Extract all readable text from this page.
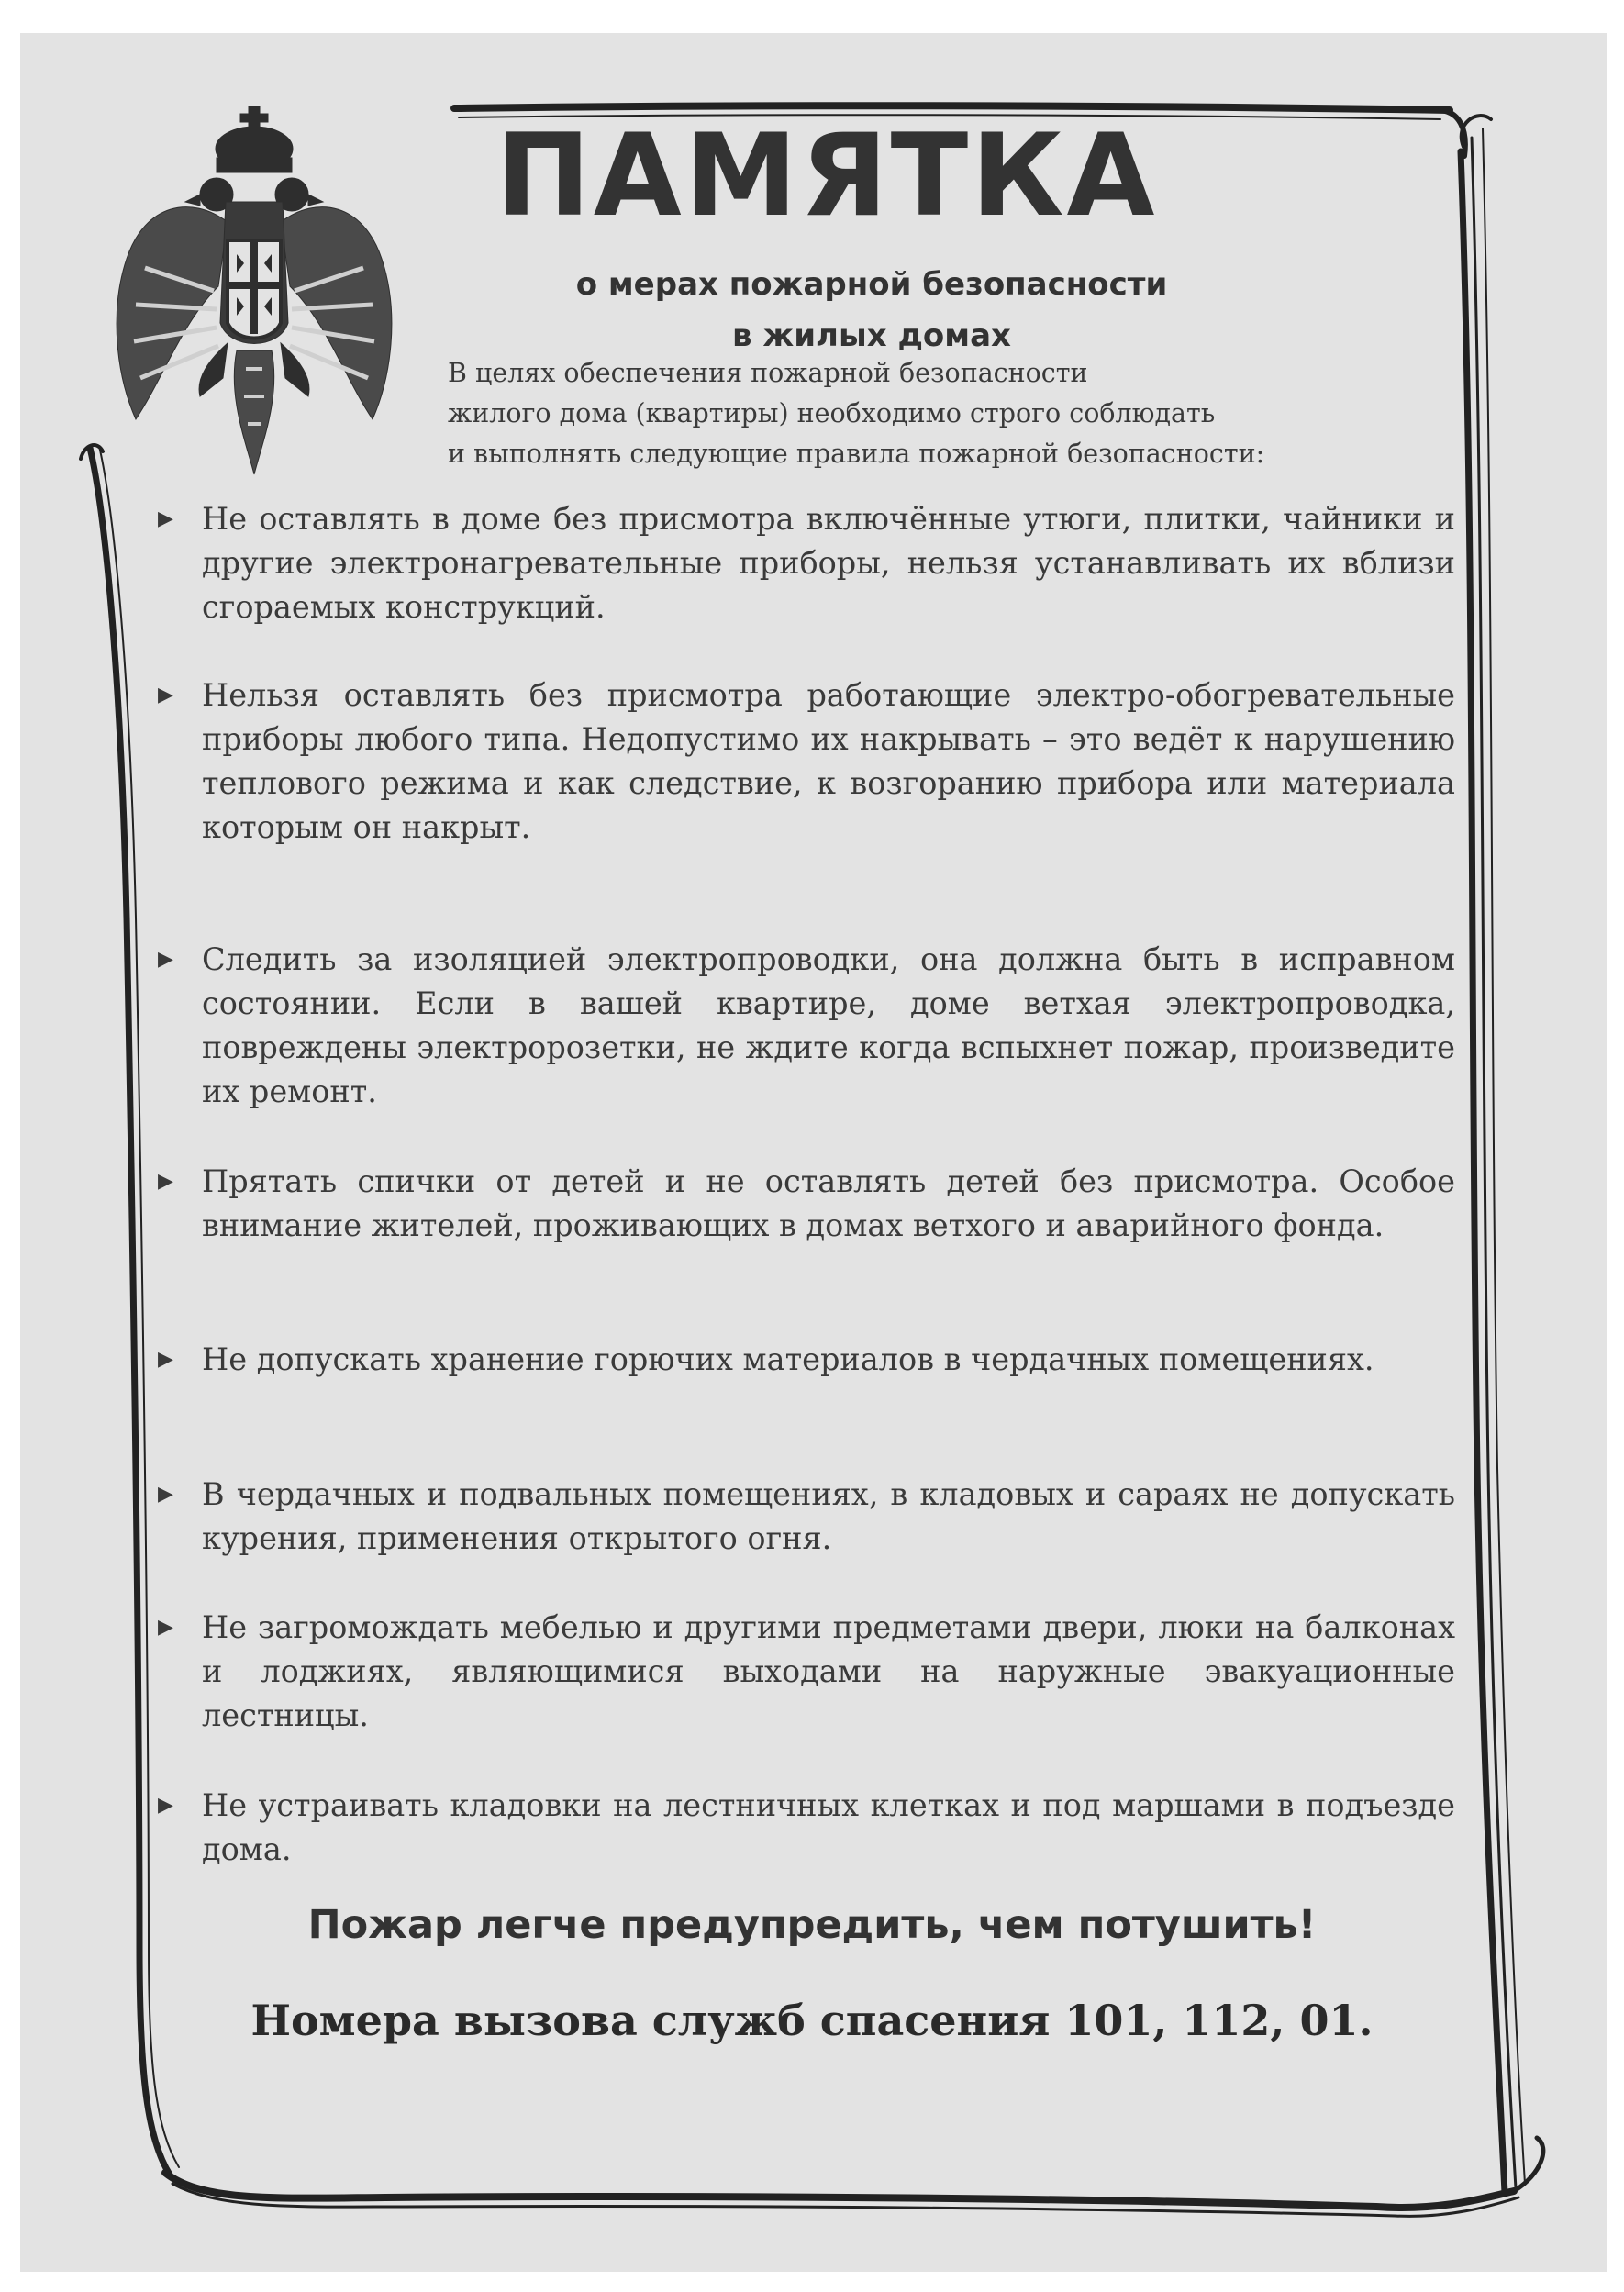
ПАМЯТКА

о мерах пожарной безопасности
в жилых домах

В целях обеспечения пожарной безопасности
жилого дома (квартиры) необходимо строго соблюдать
и выполнять следующие правила пожарной безопасности:

▶ Не оставлять в доме без присмотра включённые утюги, плитки, чайники и другие электронагревательные приборы, нельзя устанавливать их вблизи сгораемых конструкций.

▶ Нельзя оставлять без присмотра работающие электро-обогревательные приборы любого типа. Недопустимо их накрывать – это ведёт к нарушению теплового режима и как следствие, к возгоранию прибора или материала которым он накрыт.

▶ Следить за изоляцией электропроводки, она должна быть в исправном состоянии. Если в вашей квартире, доме ветхая электропроводка, повреждены электророзетки, не ждите когда вспыхнет пожар, произведите их ремонт.

▶ Прятать спички от детей и не оставлять детей без присмотра. Особое внимание жителей, проживающих в домах ветхого и аварийного фонда.

▶ Не допускать хранение горючих материалов в чердачных помещениях.

▶ В чердачных и подвальных помещениях, в кладовых и сараях не допускать курения, применения открытого огня.

▶ Не загромождать мебелью и другими предметами двери, люки на балконах и лоджиях, являющимися выходами на наружные эвакуационные лестницы.

▶ Не устраивать кладовки на лестничных клетках и под маршами в подъезде дома.

Пожар легче предупредить, чем потушить!

Номера вызова служб спасения 101, 112, 01.
